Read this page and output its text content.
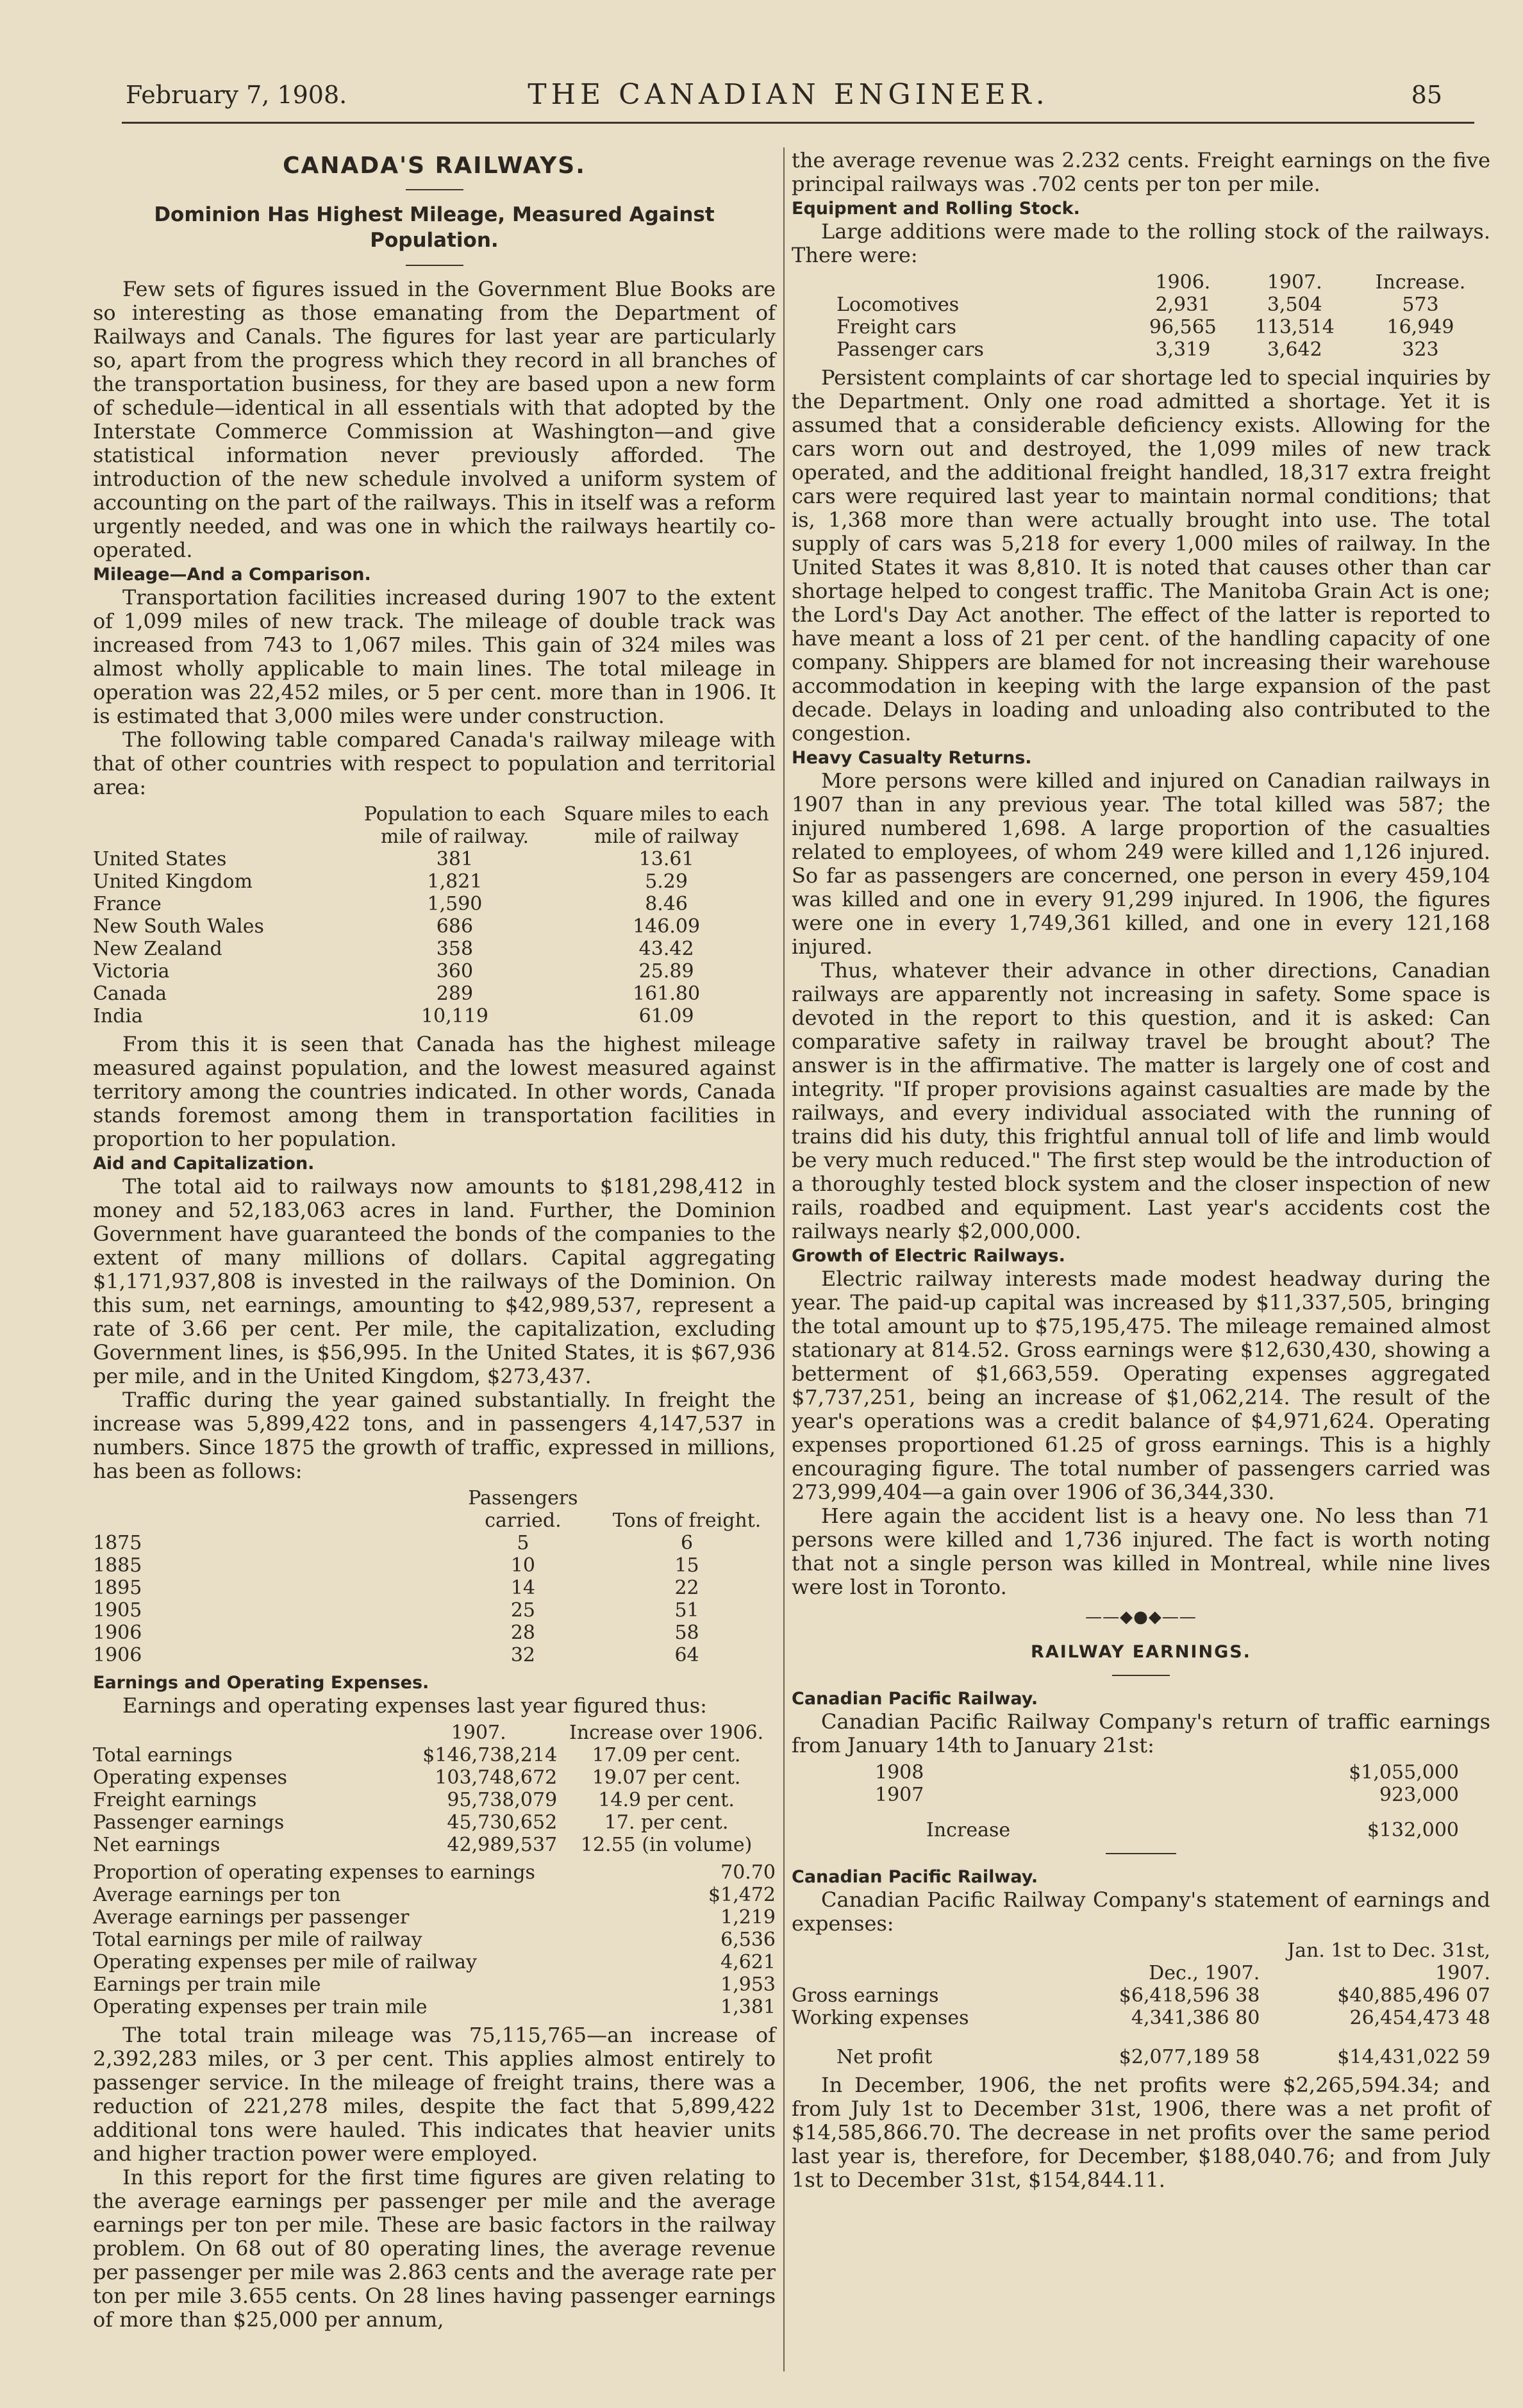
February 7, 1908.	THE CANADIAN ENGINEER.	85
CANADA'S RAILWAYS.
Dominion Has Highest Mileage, Measured Against Population.

Few sets of figures issued in the Government Blue Books are so interesting as those emanating from the Department of Railways and Canals. The figures for last year are particularly so, apart from the progress which they record in all branches of the transportation business, for they are based upon a new form of schedule—identical in all essentials with that adopted by the Interstate Commerce Commission at Washington—and give statistical information never previously afforded. The introduction of the new schedule involved a uniform system of accounting on the part of the railways. This in itself was a reform urgently needed, and was one in which the railways heartily co-operated.

Mileage—And a Comparison.

Transportation facilities increased during 1907 to the extent of 1,099 miles of new track. The mileage of double track was increased from 743 to 1,067 miles. This gain of 324 miles was almost wholly applicable to main lines. The total mileage in operation was 22,452 miles, or 5 per cent. more than in 1906. It is estimated that 3,000 miles were under construction.

The following table compared Canada's railway mileage with that of other countries with respect to population and territorial area:

	Population to each mile of railway.	Square miles to each mile of railway
United States	381	13.61
United Kingdom	1,821	5.29
France	1,590	8.46
New South Wales	686	146.09
New Zealand	358	43.42
Victoria	360	25.89
Canada	289	161.80
India	10,119	61.09

From this it is seen that Canada has the highest mileage measured against population, and the lowest measured against territory among the countries indicated. In other words, Canada stands foremost among them in transportation facilities in proportion to her population.

Aid and Capitalization.

The total aid to railways now amounts to $181,298,412 in money and 52,183,063 acres in land. Further, the Dominion Government have guaranteed the bonds of the companies to the extent of many millions of dollars. Capital aggregating $1,171,937,808 is invested in the railways of the Dominion. On this sum, net earnings, amounting to $42,989,537, represent a rate of 3.66 per cent. Per mile, the capitalization, excluding Government lines, is $56,995. In the United States, it is $67,936 per mile, and in the United Kingdom, $273,437.

Traffic during the year gained substantially. In freight the increase was 5,899,422 tons, and in passengers 4,147,537 in numbers. Since 1875 the growth of traffic, expressed in millions, has been as follows:

	Passengers carried.	Tons of freight.
1875	5	6
1885	10	15
1895	14	22
1905	25	51
1906	28	58
1906	32	64
Earnings and Operating Expenses.

Earnings and operating expenses last year figured thus:

	1907.	Increase over 1906.
Total earnings	$146,738,214	17.09 per cent.
Operating expenses	103,748,672	19.07 per cent.
Freight earnings	95,738,079	14.9 per cent.
Passenger earnings	45,730,652	17. per cent.
Net earnings	42,989,537	12.55 (in volume)
Proportion of operating expenses to earnings	70.70
Average earnings per ton	$1,472
Average earnings per passenger	1,219
Total earnings per mile of railway	6,536
Operating expenses per mile of railway	4,621
Earnings per train mile	1,953
Operating expenses per train mile	1,381

The total train mileage was 75,115,765—an increase of 2,392,283 miles, or 3 per cent. This applies almost entirely to passenger service. In the mileage of freight trains, there was a reduction of 221,278 miles, despite the fact that 5,899,422 additional tons were hauled. This indicates that heavier units and higher traction power were employed.

In this report for the first time figures are given relating to the average earnings per passenger per mile and the average earnings per ton per mile. These are basic factors in the railway problem. On 68 out of 80 operating lines, the average revenue per passenger per mile was 2.863 cents and the average rate per ton per mile 3.655 cents. On 28 lines having passenger earnings of more than $25,000 per annum,

the average revenue was 2.232 cents. Freight earnings on the five principal railways was .702 cents per ton per mile.

Equipment and Rolling Stock.

Large additions were made to the rolling stock of the railways. There were:

	1906.	1907.	Increase.
Locomotives	2,931	3,504	573
Freight cars	96,565	113,514	16,949
Passenger cars	3,319	3,642	323

Persistent complaints of car shortage led to special inquiries by the Department. Only one road admitted a shortage. Yet it is assumed that a considerable deficiency exists. Allowing for the cars worn out and destroyed, the 1,099 miles of new track operated, and the additional freight handled, 18,317 extra freight cars were required last year to maintain normal conditions; that is, 1,368 more than were actually brought into use. The total supply of cars was 5,218 for every 1,000 miles of railway. In the United States it was 8,810. It is noted that causes other than car shortage helped to congest traffic. The Manitoba Grain Act is one; the Lord's Day Act another. The effect of the latter is reported to have meant a loss of 21 per cent. of the handling capacity of one company. Shippers are blamed for not increasing their warehouse accommodation in keeping with the large expansion of the past decade. Delays in loading and unloading also contributed to the congestion.

Heavy Casualty Returns.

More persons were killed and injured on Canadian railways in 1907 than in any previous year. The total killed was 587; the injured numbered 1,698. A large proportion of the casualties related to employees, of whom 249 were killed and 1,126 injured. So far as passengers are concerned, one person in every 459,104 was killed and one in every 91,299 injured. In 1906, the figures were one in every 1,749,361 killed, and one in every 121,168 injured.

Thus, whatever their advance in other directions, Canadian railways are apparently not increasing in safety. Some space is devoted in the report to this question, and it is asked: Can comparative safety in railway travel be brought about? The answer is in the affirmative. The matter is largely one of cost and integrity. "If proper provisions against casualties are made by the railways, and every individual associated with the running of trains did his duty, this frightful annual toll of life and limb would be very much reduced." The first step would be the introduction of a thoroughly tested block system and the closer inspection of new rails, roadbed and equipment. Last year's accidents cost the railways nearly $2,000,000.

Growth of Electric Railways.

Electric railway interests made modest headway during the year. The paid-up capital was increased by $11,337,505, bringing the total amount up to $75,195,475. The mileage remained almost stationary at 814.52. Gross earnings were $12,630,430, showing a betterment of $1,663,559. Operating expenses aggregated $7,737,251, being an increase of $1,062,214. The result of the year's operations was a credit balance of $4,971,624. Operating expenses proportioned 61.25 of gross earnings. This is a highly encouraging figure. The total number of passengers carried was 273,999,404—a gain over 1906 of 36,344,330.

Here again the accident list is a heavy one. No less than 71 persons were killed and 1,736 injured. The fact is worth noting that not a single person was killed in Montreal, while nine lives were lost in Toronto.

——◆●◆——
RAILWAY EARNINGS.
Canadian Pacific Railway.

Canadian Pacific Railway Company's return of traffic earnings from January 14th to January 21st:

1908	$1,055,000
1907	923,000

Increase	$132,000
Canadian Pacific Railway.

Canadian Pacific Railway Company's statement of earnings and expenses:

	Dec., 1907.	Jan. 1st to Dec. 31st, 1907.
Gross earnings	$6,418,596 38	$40,885,496 07
Working expenses	4,341,386 80	26,454,473 48

Net profit	$2,077,189 58	$14,431,022 59

In December, 1906, the net profits were $2,265,594.34; and from July 1st to December 31st, 1906, there was a net profit of $14,585,866.70. The decrease in net profits over the same period last year is, therefore, for December, $188,040.76; and from July 1st to December 31st, $154,844.11.
